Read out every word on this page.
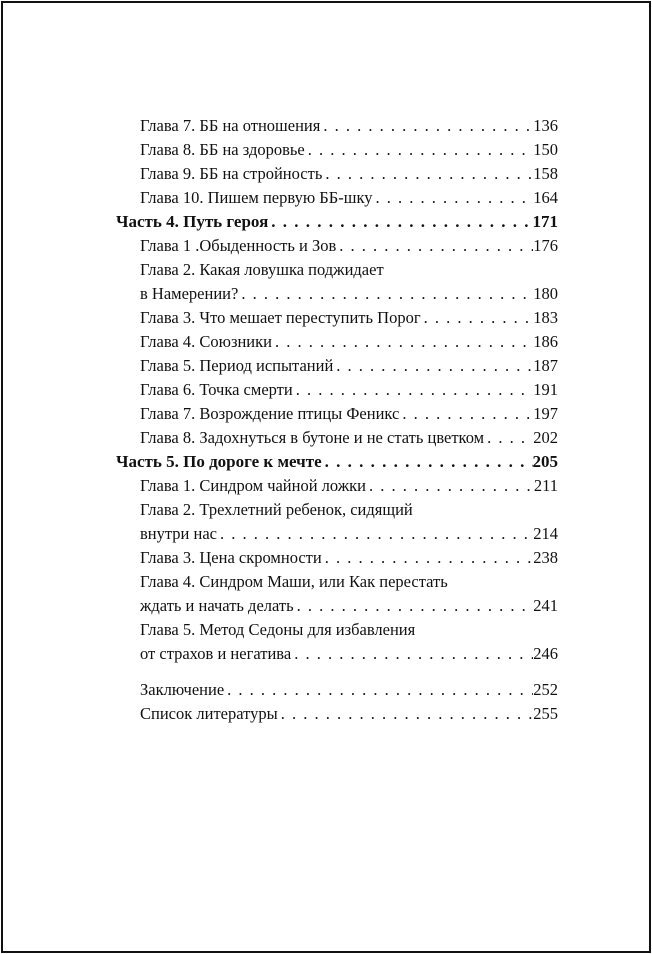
Глава 7. ББ на отношения . . .	136
Глава 8. ББ на здоровье . . .	150
Глава 9. ББ на стройность . . .	158
Глава 10. Пишем первую ББ-шку . . .	164
Часть 4. Путь героя . . .	171
Глава 1 .Обыденность и Зов . . .	176
Глава 2. Какая ловушка поджидает
в Намерении? . . .	180
Глава 3. Что мешает переступить Порог . . .	183
Глава 4. Союзники . . .	186
Глава 5. Период испытаний . . .	187
Глава 6. Точка смерти . . .	191
Глава 7. Возрождение птицы Феникс . . .	197
Глава 8. Задохнуться в бутоне и не стать цветком . . .	202
Часть 5. По дороге к мечте . . .	205
Глава 1. Синдром чайной ложки . . .	211
Глава 2. Трехлетний ребенок, сидящий
внутри нас . . .	214
Глава 3. Цена скромности . . .	238
Глава 4. Синдром Маши, или Как перестать
ждать и начать делать . . .	241
Глава 5. Метод Седоны для избавления
от страхов и негатива . . .	246
Заключение . . .	252
Список литературы . . .	255
